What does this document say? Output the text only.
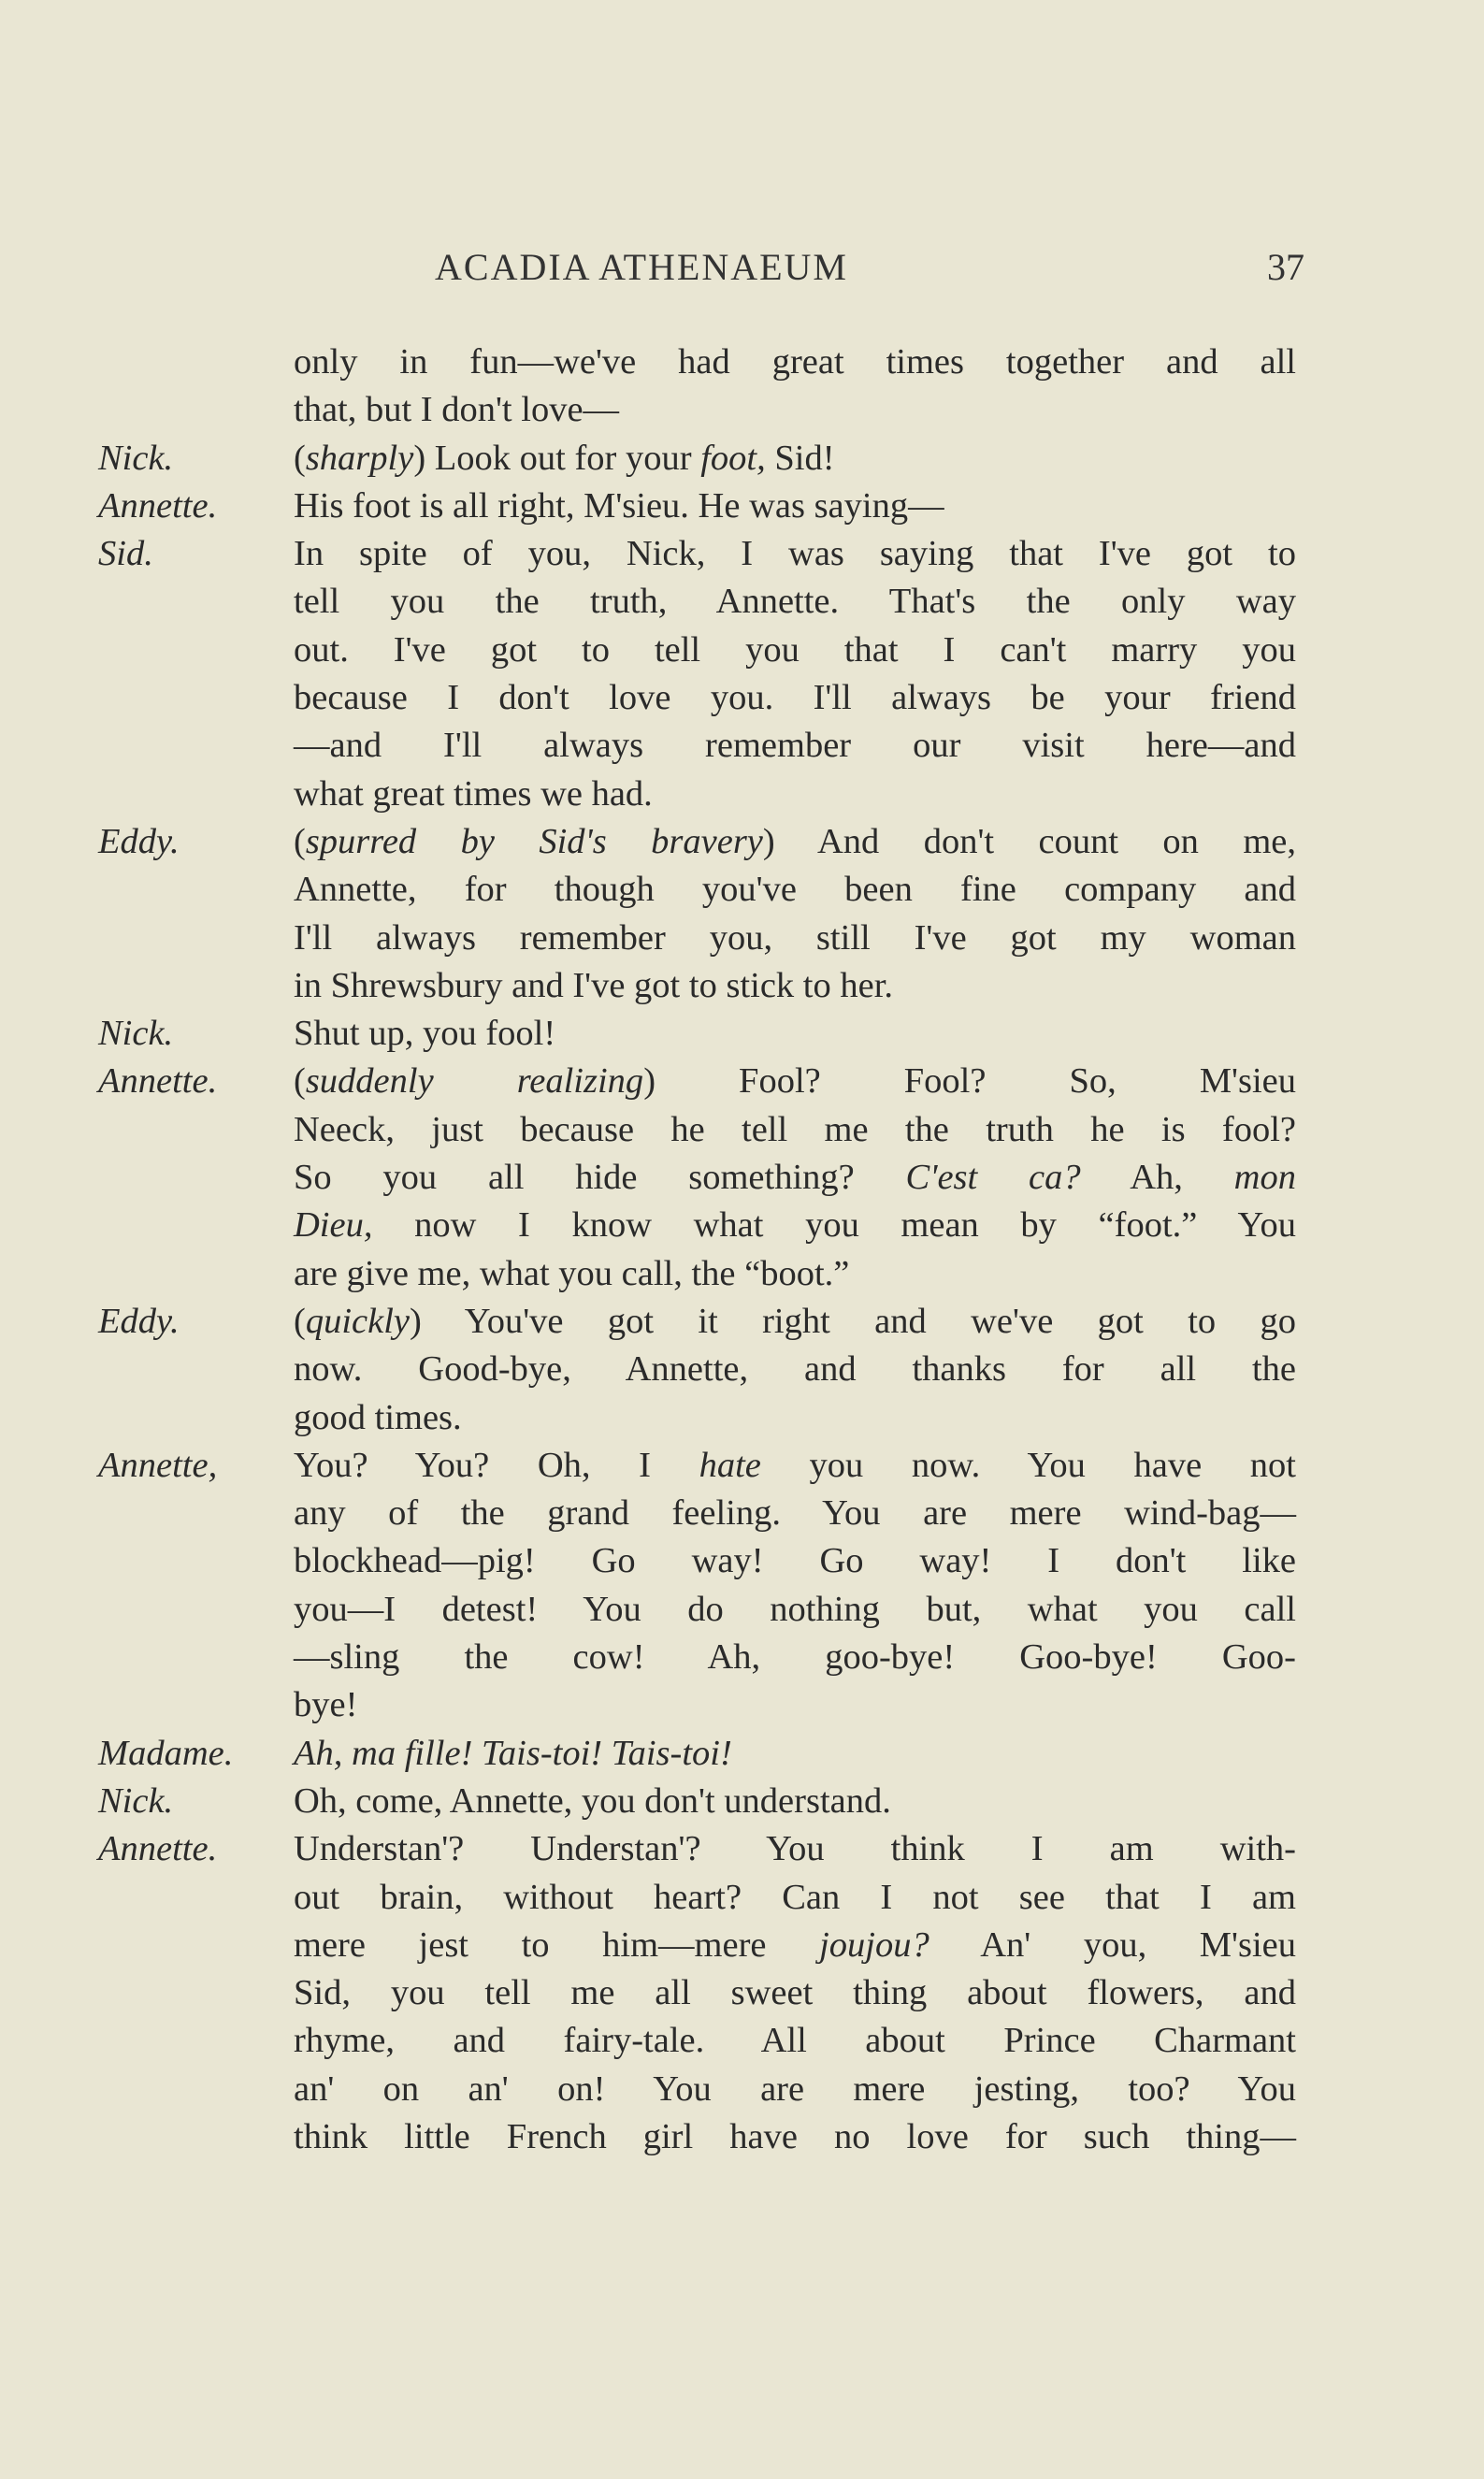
ACADIA ATHENAEUM	37
only in fun—we've had great times together and all
that, but I don't love—
Nick.	(sharply) Look out for your foot, Sid!
Annette. His foot is all right, M'sieu. He was saying—
Sid.	In spite of you, Nick, I was saying that I've got to
tell you the truth, Annette. That's the only way
out. I've got to tell you that I can't marry you
because I don't love you. I'll always be your friend
—and I'll always remember our visit here—and
what great times we had.
Eddy.	(spurred by Sid's bravery) And don't count on me,
Annette, for though you've been fine company and
I'll always remember you, still I've got my woman
in Shrewsbury and I've got to stick to her.
Nick.	Shut up, you fool!
Annette. (suddenly realizing) Fool? Fool? So, M'sieu
Neeck, just because he tell me the truth he is fool?
So you all hide something? C'est ca? Ah, mon
Dieu, now I know what you mean by “foot.” You
are give me, what you call, the “boot.”
Eddy.	(quickly) You've got it right and we've got to go
now. Good-bye, Annette, and thanks for all the
good times.
Annette, You? You? Oh, I hate you now. You have not
any of the grand feeling. You are mere wind-bag—
blockhead—pig! Go way! Go way! I don't like
you—I detest! You do nothing but, what you call
—sling the cow! Ah, goo-bye! Goo-bye! Goo-
bye!
Madame. Ah, ma fille! Tais-toi! Tais-toi!
Nick.	Oh, come, Annette, you don't understand.
Annette. Understan'? Understan'? You think I am with-
out brain, without heart? Can I not see that I am
mere jest to him—mere joujou? An' you, M'sieu
Sid, you tell me all sweet thing about flowers, and
rhyme, and fairy-tale. All about Prince Charmant
an' on an' on! You are mere jesting, too? You
think little French girl have no love for such thing—
